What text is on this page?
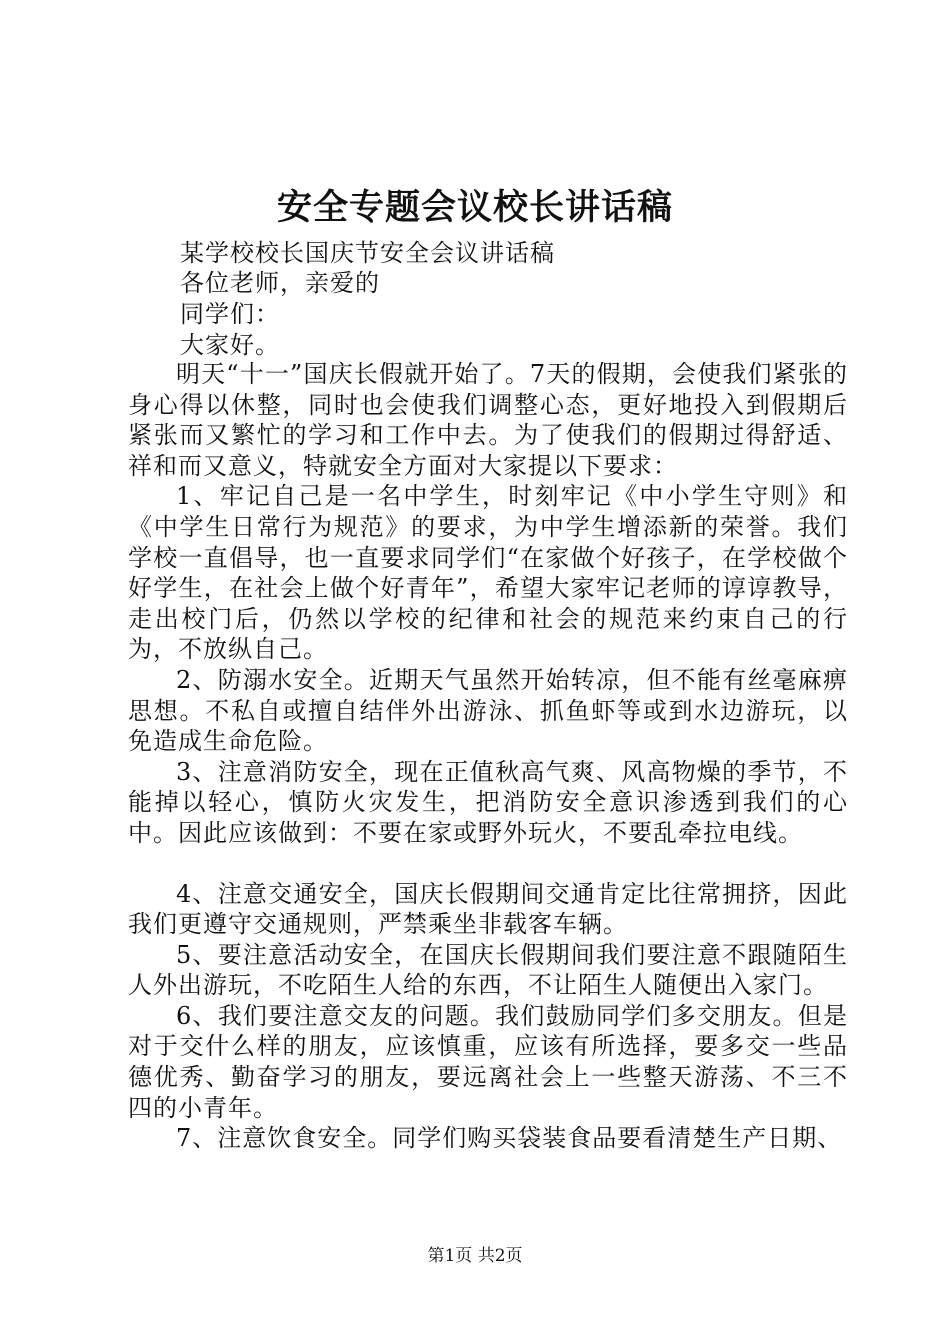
安全专题会议校长讲话稿
某学校校长国庆节安全会议讲话稿
各位老师，亲爱的
同学们：
大家好。

明天“十一”国庆长假就开始了。7天的假期，会使我们紧张的身心得以休整，同时也会使我们调整心态，更好地投入到假期后紧张而又繁忙的学习和工作中去。为了使我们的假期过得舒适、祥和而又意义，特就安全方面对大家提以下要求：

1、牢记自己是一名中学生，时刻牢记《中小学生守则》和《中学生日常行为规范》的要求，为中学生增添新的荣誉。我们学校一直倡导，也一直要求同学们“在家做个好孩子，在学校做个好学生，在社会上做个好青年”，希望大家牢记老师的谆谆教导，走出校门后，仍然以学校的纪律和社会的规范来约束自己的行为，不放纵自己。

2、防溺水安全。近期天气虽然开始转凉，但不能有丝毫麻痹思想。不私自或擅自结伴外出游泳、抓鱼虾等或到水边游玩，以免造成生命危险。

3、注意消防安全，现在正值秋高气爽、风高物燥的季节，不能掉以轻心，慎防火灾发生，把消防安全意识渗透到我们的心中。因此应该做到：不要在家或野外玩火，不要乱牵拉电线。

4、注意交通安全，国庆长假期间交通肯定比往常拥挤，因此我们更遵守交通规则，严禁乘坐非载客车辆。

5、要注意活动安全，在国庆长假期间我们要注意不跟随陌生人外出游玩，不吃陌生人给的东西，不让陌生人随便出入家门。

6、我们要注意交友的问题。我们鼓励同学们多交朋友。但是对于交什么样的朋友，应该慎重，应该有所选择，要多交一些品德优秀、勤奋学习的朋友，要远离社会上一些整天游荡、不三不四的小青年。

7、注意饮食安全。同学们购买袋装食品要看清楚生产日期、

第1页 共2页
